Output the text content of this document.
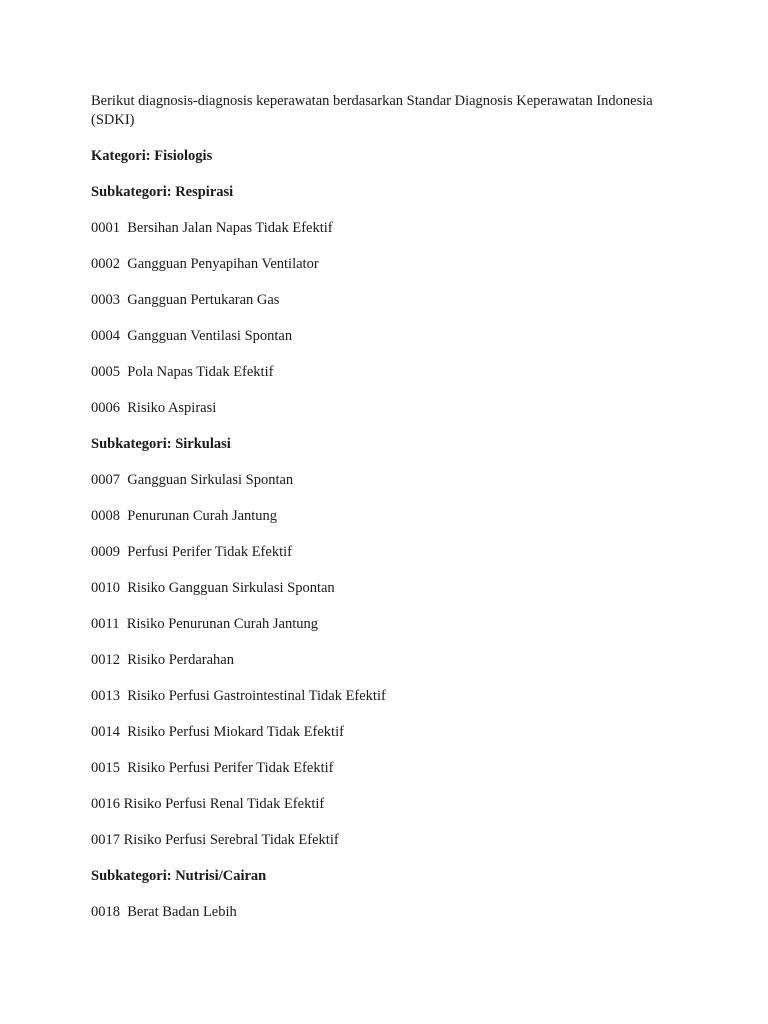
Berikut diagnosis-diagnosis keperawatan berdasarkan Standar Diagnosis Keperawatan Indonesia (SDKI)

Kategori: Fisiologis

Subkategori: Respirasi

0001  Bersihan Jalan Napas Tidak Efektif

0002  Gangguan Penyapihan Ventilator

0003  Gangguan Pertukaran Gas

0004  Gangguan Ventilasi Spontan

0005  Pola Napas Tidak Efektif

0006  Risiko Aspirasi

Subkategori: Sirkulasi

0007  Gangguan Sirkulasi Spontan

0008  Penurunan Curah Jantung

0009  Perfusi Perifer Tidak Efektif

0010  Risiko Gangguan Sirkulasi Spontan

0011  Risiko Penurunan Curah Jantung

0012  Risiko Perdarahan

0013  Risiko Perfusi Gastrointestinal Tidak Efektif

0014  Risiko Perfusi Miokard Tidak Efektif

0015  Risiko Perfusi Perifer Tidak Efektif

0016 Risiko Perfusi Renal Tidak Efektif

0017 Risiko Perfusi Serebral Tidak Efektif

Subkategori: Nutrisi/Cairan

0018  Berat Badan Lebih
